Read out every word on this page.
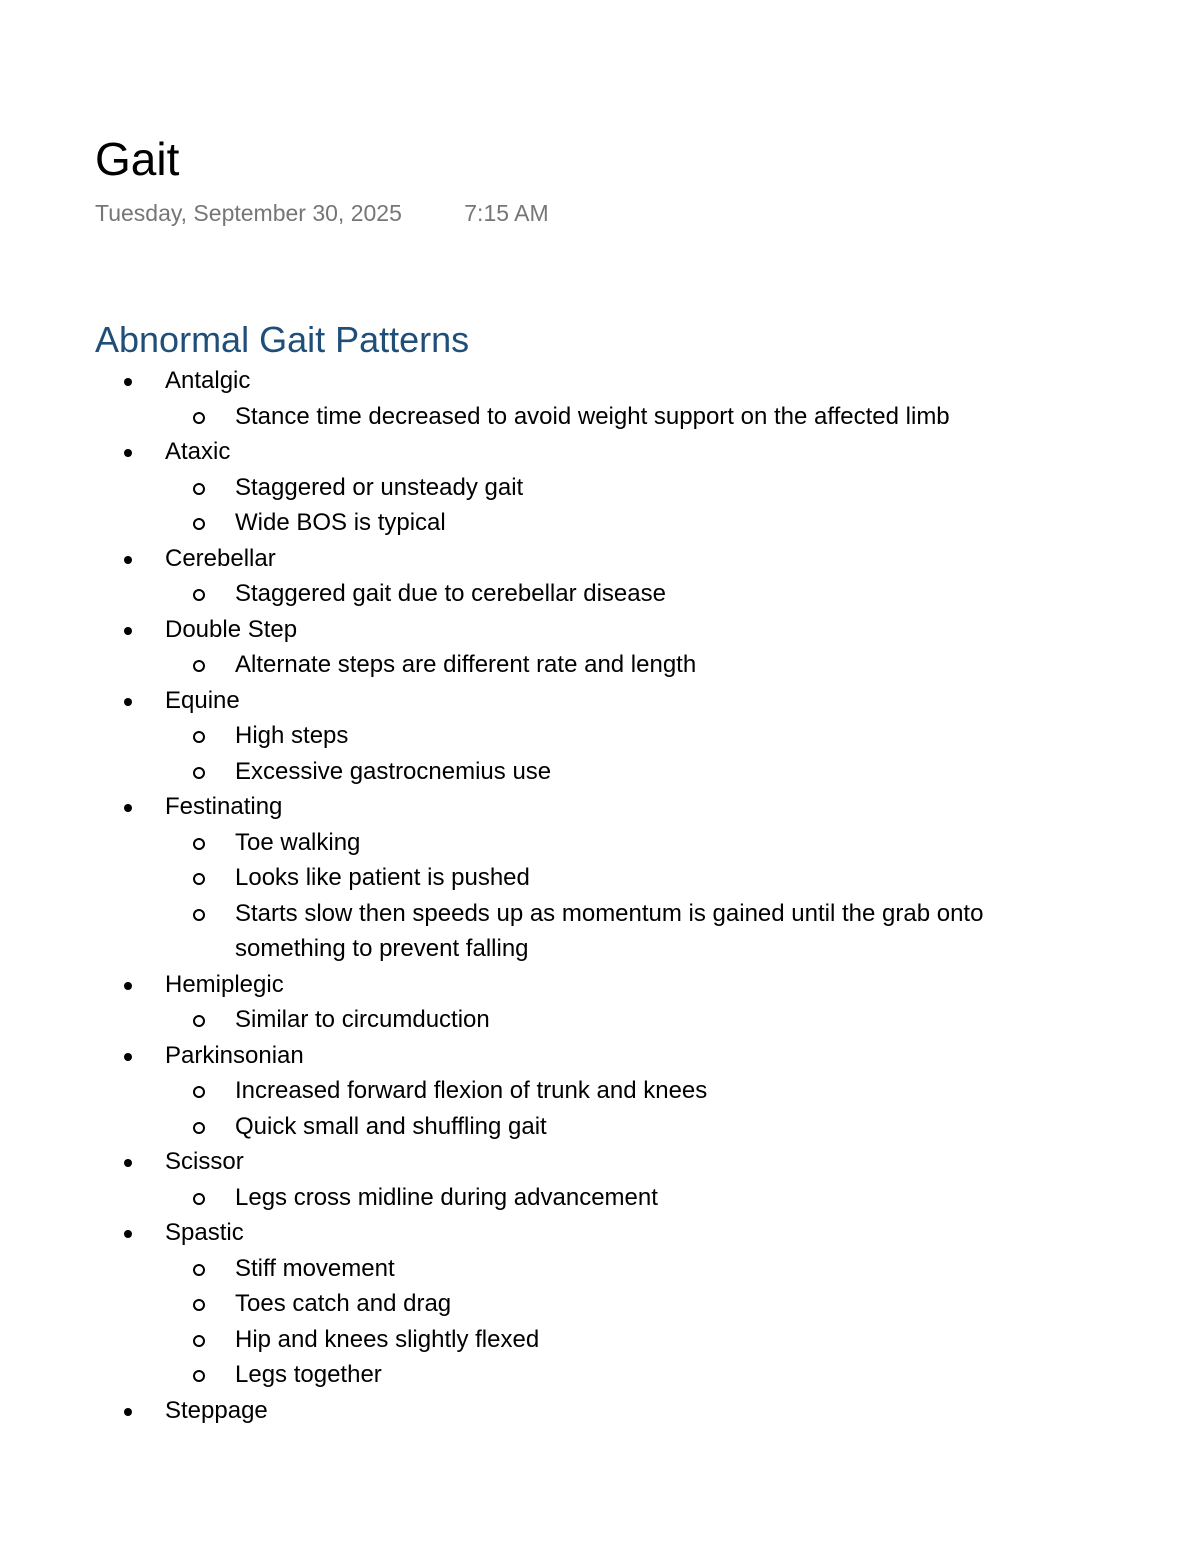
Gait
Tuesday, September 30, 2025	7:15 AM
Abnormal Gait Patterns
Antalgic
Stance time decreased to avoid weight support on the affected limb
Ataxic
Staggered or unsteady gait
Wide BOS is typical
Cerebellar
Staggered gait due to cerebellar disease
Double Step
Alternate steps are different rate and length
Equine
High steps
Excessive gastrocnemius use
Festinating
Toe walking
Looks like patient is pushed
Starts slow then speeds up as momentum is gained until the grab onto something to prevent falling
Hemiplegic
Similar to circumduction
Parkinsonian
Increased forward flexion of trunk and knees
Quick small and shuffling gait
Scissor
Legs cross midline during advancement
Spastic
Stiff movement
Toes catch and drag
Hip and knees slightly flexed
Legs together
Steppage
